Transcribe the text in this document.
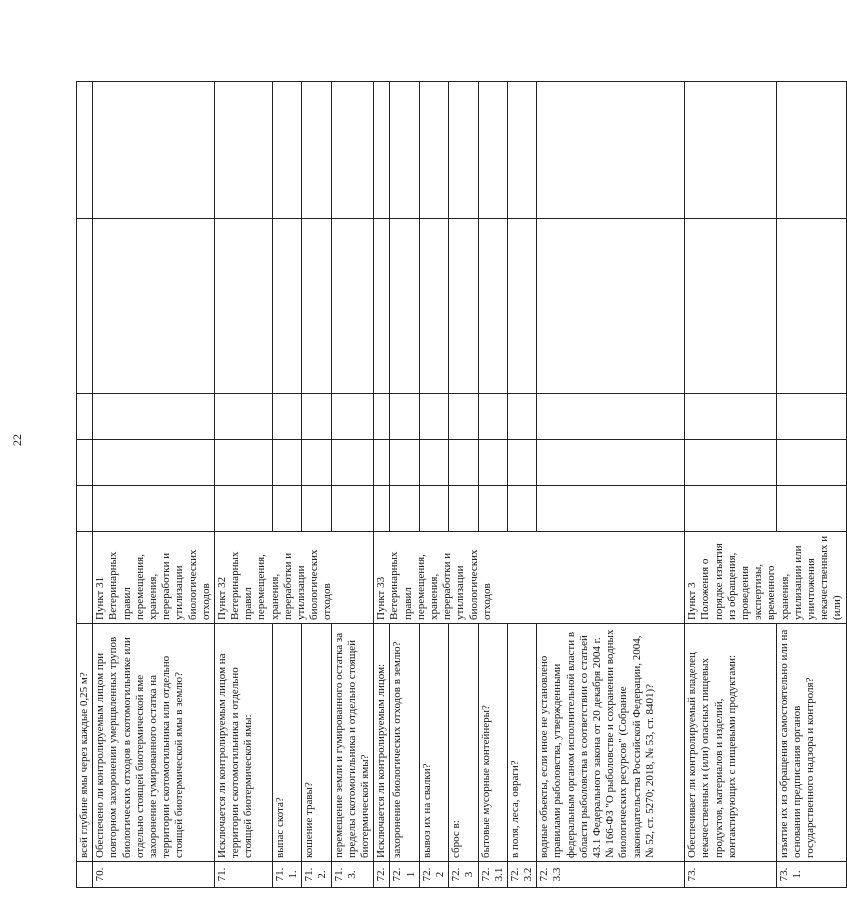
22
	всей глубине ямы через каждые 0,25 м?						
70.	Обеспечено ли контролируемым лицом при повторном захоронении умерщвленных трупов биологических отходов в скотомогильнике или отдельно стоящей биотермической яме захоронение гумированного остатка на территории скотомогильника или отдельно стоящей биотермической ямы в землю?	Пункт 31 Ветеринарных правил перемещения, хранения, переработки и утилизации биологических отходов					
71.	Исключается ли контролируемым лицом на территории скотомогильника и отдельно стоящей биотермической ямы:	Пункт 32 Ветеринарных правил перемещения, хранения, переработки и утилизации биологических отходов					
71.1.	выпас скота?						
71.2.	кошение травы?						
71.3.	перемещение земли и гумированного остатка за пределы скотомогильника и отдельно стоящей биотермической ямы?						
72.	Исключается ли контролируемым лицом:	Пункт 33 Ветеринарных правил перемещения, хранения, переработки и утилизации биологических отходов					
72.1	захоронение биологических отходов в землю?						
72.2	вывоз их на свалки?						
72.3	сброс в:						
72.3.1	бытовые мусорные контейнеры?						
72.3.2	в поля, леса, овраги?						
72.3.3	водные объекты, если иное не установлено правилами рыболовства, утвержденными федеральным органом исполнительной власти в области рыболовства в соответствии со статьей 43.1 Федерального закона от 20 декабря 2004 г. № 166-ФЗ "О рыболовстве и сохранении водных биологических ресурсов" (Собрание законодательства Российской Федерации, 2004, № 52, ст. 5270; 2018, № 53, ст. 8401)?						
73.	Обеспечивает ли контролируемый владелец некачественных и (или) опасных пищевых продуктов, материалов и изделий, контактирующих с пищевыми продуктами:	Пункт 3 Положения о порядке изъятия из обращения, проведения экспертизы, временного хранения, утилизации или уничтожения некачественных и (или)					
73.1.	изъятие их из обращения самостоятельно или на основании предписания органов государственного надзора и контроля?						
